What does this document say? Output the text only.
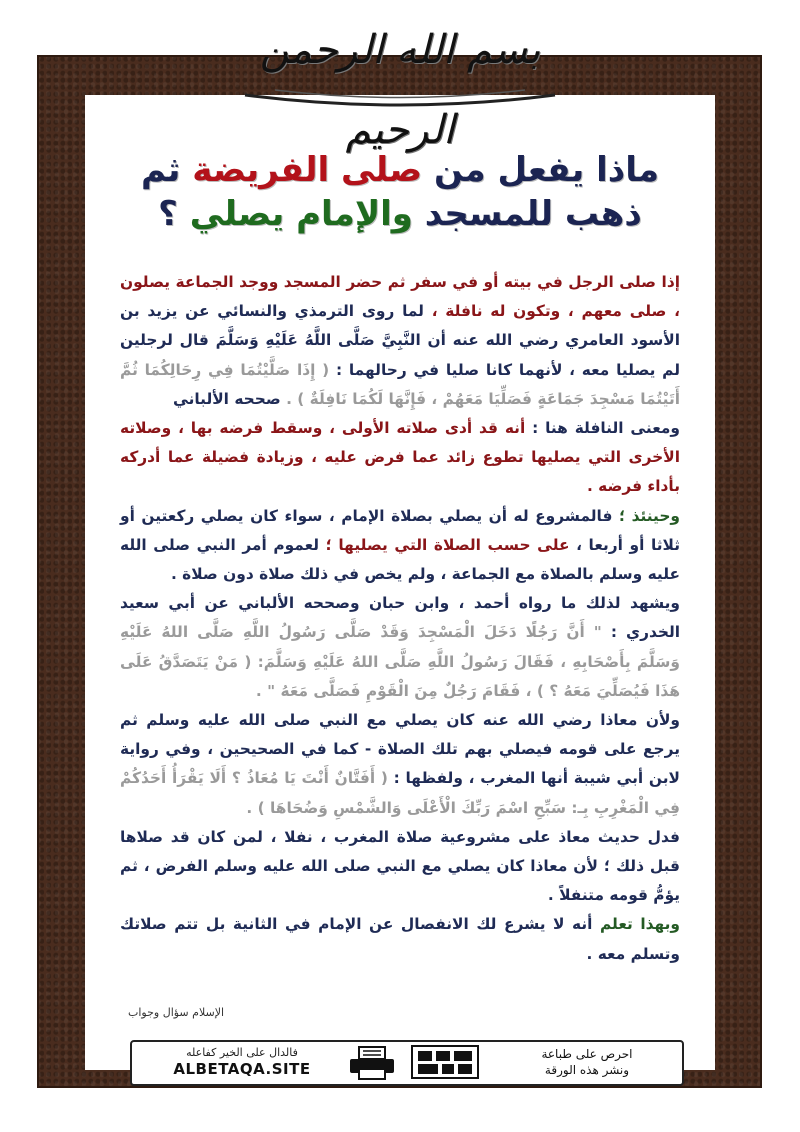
بسم الله الرحمن الرحيم
ماذا يفعل من صلى الفريضة ثم
ذهب للمسجد والإمام يصلي ؟

إذا صلى الرجل في بيته أو في سفر ثم حضر المسجد ووجد الجماعة يصلون ، صلى معهم ، وتكون له نافلة ، لما روى الترمذي والنسائي عن يزيد بن الأسود العامري رضي الله عنه أن النَّبِيَّ صَلَّى اللَّهُ عَلَيْهِ وَسَلَّمَ قال لرجلين لم يصليا معه ، لأنهما كانا صليا في رحالهما : ( إِذَا صَلَّيْتُمَا فِي رِحَالِكُمَا ثُمَّ أَتَيْتُمَا مَسْجِدَ جَمَاعَةٍ فَصَلِّيَا مَعَهُمْ ، فَإِنَّهَا لَكُمَا نَافِلَةٌ ) . صححه الألباني

ومعنى النافلة هنا : أنه قد أدى صلاته الأولى ، وسقط فرضه بها ، وصلاته الأخرى التي يصليها تطوع زائد عما فرض عليه ، وزيادة فضيلة عما أدركه بأداء فرضه .

وحينئذ ؛ فالمشروع له أن يصلي بصلاة الإمام ، سواء كان يصلي ركعتين أو ثلاثا أو أربعا ، على حسب الصلاة التي يصليها ؛ لعموم أمر النبي صلى الله عليه وسلم بالصلاة مع الجماعة ، ولم يخص في ذلك صلاة دون صلاة .

ويشهد لذلك ما رواه أحمد ، وابن حبان وصححه الألباني عن أبي سعيد الخدري : " أَنَّ رَجُلًا دَخَلَ الْمَسْجِدَ وَقَدْ صَلَّى رَسُولُ اللَّهِ صَلَّى اللهُ عَلَيْهِ وَسَلَّمَ بِأَصْحَابِهِ ، فَقَالَ رَسُولُ اللَّهِ صَلَّى اللهُ عَلَيْهِ وَسَلَّمَ: ( مَنْ يَتَصَدَّقُ عَلَى هَذَا فَيُصَلِّيَ مَعَهُ ؟ ) ، فَقَامَ رَجُلٌ مِنَ الْقَوْمِ فَصَلَّى مَعَهُ " .

ولأن معاذا رضي الله عنه كان يصلي مع النبي صلى الله عليه وسلم ثم يرجع على قومه فيصلي بهم تلك الصلاة - كما في الصحيحين ، وفي رواية لابن أبي شيبة أنها المغرب ، ولفظها : ( أَفَتَّانٌ أَنْتَ يَا مُعَاذُ ؟ أَلَا يَقْرَأُ أَحَدُكُمْ فِي الْمَغْرِبِ بِـ: سَبِّحِ اسْمَ رَبِّكَ الْأَعْلَى وَالشَّمْسِ وَضُحَاهَا ) .

فدل حديث معاذ على مشروعية صلاة المغرب ، نفلا ، لمن كان قد صلاها قبل ذلك ؛ لأن معاذا كان يصلي مع النبي صلى الله عليه وسلم الفرض ، ثم يؤمُّ قومه متنفلاً .

وبهذا تعلم أنه لا يشرع لك الانفصال عن الإمام في الثانية بل تتم صلاتك وتسلم معه .

الإسلام سؤال وجواب
فالدال على الخير كفاعله
ALBETAQA.SITE
احرص على طباعة
ونشر هذه الورقة
